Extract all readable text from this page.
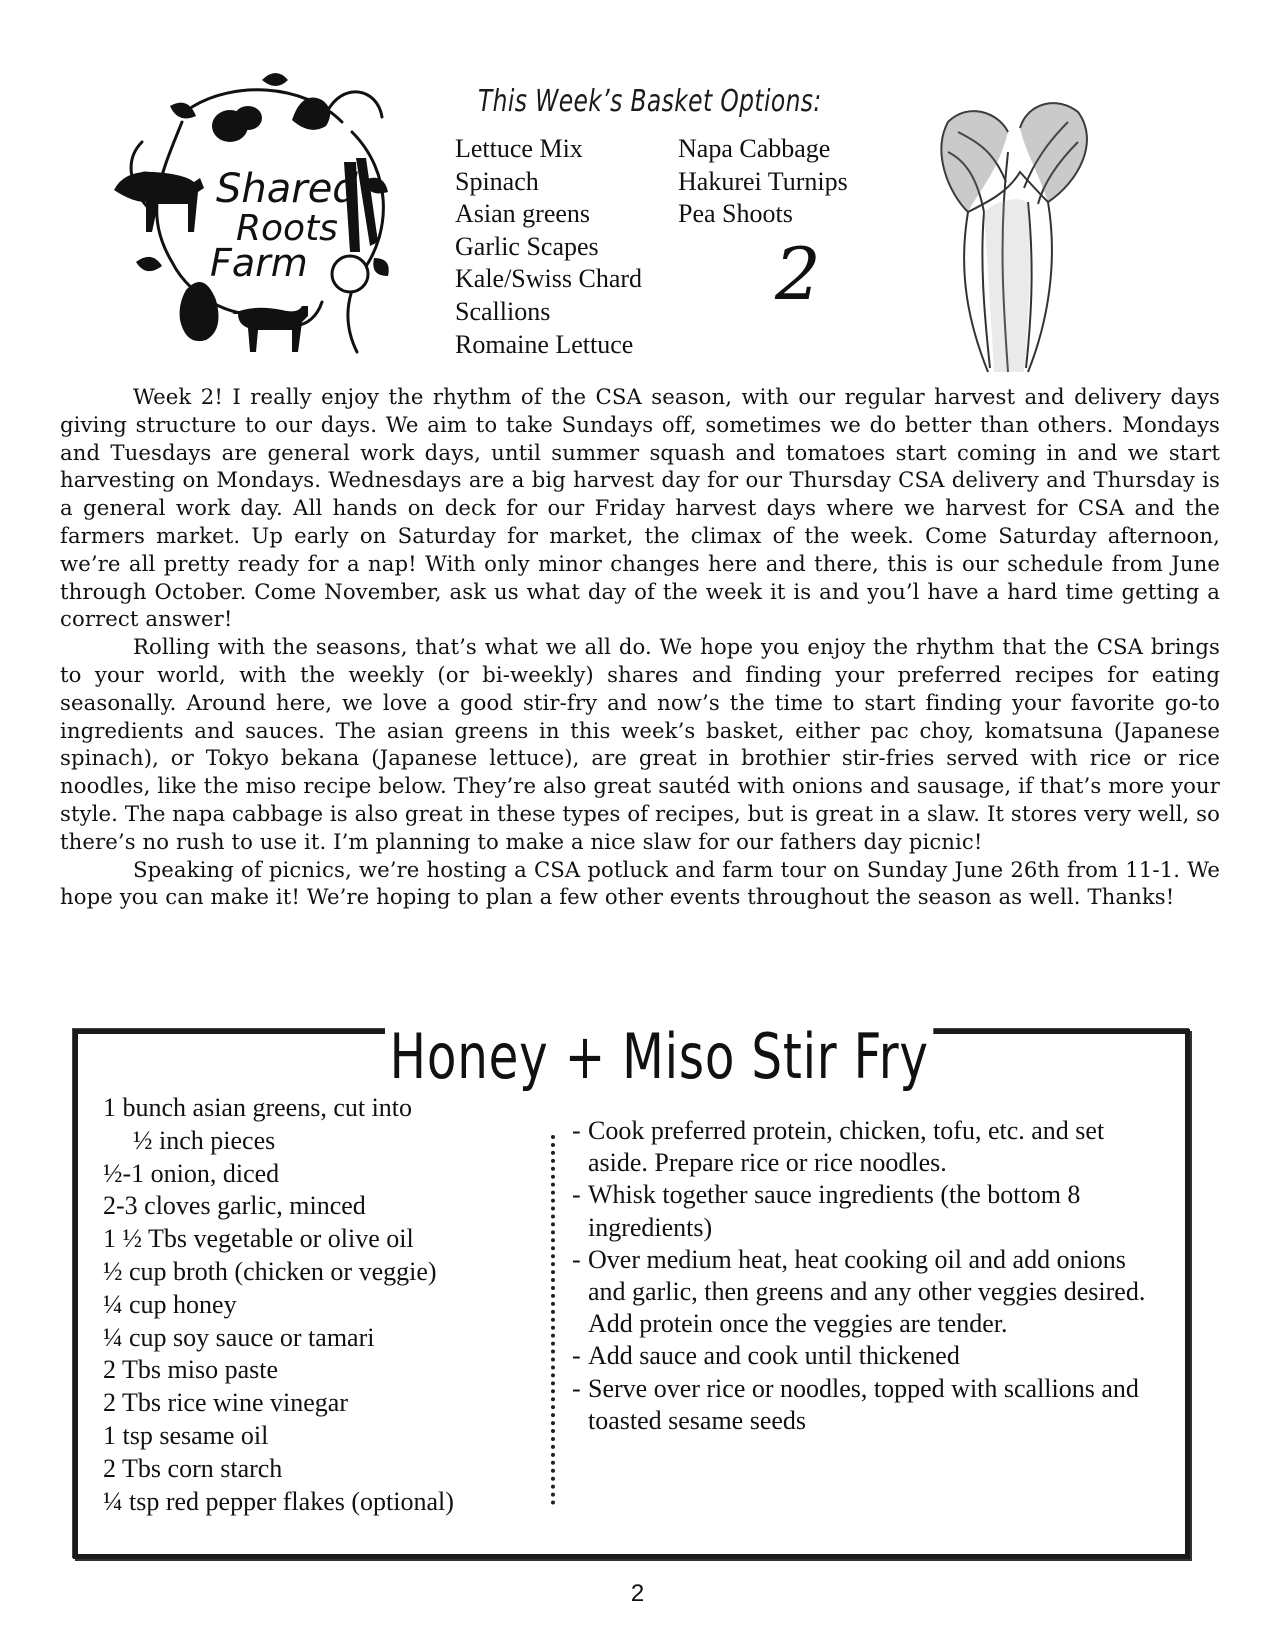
Shared
Roots
Farm
This Week’s Basket Options:
Lettuce Mix
Spinach
Asian greens
Garlic Scapes
Kale/Swiss Chard
Scallions
Romaine Lettuce
Napa Cabbage
Hakurei Turnips
Pea Shoots
2

Week 2! I really enjoy the rhythm of the CSA season, with our regular harvest and delivery days giving structure to our days. We aim to take Sundays off, sometimes we do better than others. Mondays and Tuesdays are general work days, until summer squash and tomatoes start coming in and we start harvesting on Mondays. Wednesdays are a big harvest day for our Thursday CSA delivery and Thursday is a general work day. All hands on deck for our Friday harvest days where we harvest for CSA and the farmers market. Up early on Saturday for market, the climax of the week. Come Saturday afternoon, we’re all pretty ready for a nap! With only minor changes here and there, this is our schedule from June through October. Come November, ask us what day of the week it is and you’l have a hard time getting a correct answer!

Rolling with the seasons, that’s what we all do. We hope you enjoy the rhythm that the CSA brings to your world, with the weekly (or bi-weekly) shares and finding your preferred recipes for eating seasonally. Around here, we love a good stir-fry and now’s the time to start finding your favorite go-to ingredients and sauces. The asian greens in this week’s basket, either pac choy, komatsuna (Japanese spinach), or Tokyo bekana (Japanese lettuce), are great in brothier stir-fries served with rice or rice noodles, like the miso recipe below. They’re also great sautéd with onions and sausage, if that’s more your style. The napa cabbage is also great in these types of recipes, but is great in a slaw. It stores very well, so there’s no rush to use it. I’m planning to make a nice slaw for our fathers day picnic!

Speaking of picnics, we’re hosting a CSA potluck and farm tour on Sunday June 26th from 11-1. We hope you can make it! We’re hoping to plan a few other events throughout the season as well. Thanks!

Honey + Miso Stir Fry
1 bunch asian greens, cut into
½ inch pieces
½-1 onion, diced
2-3 cloves garlic, minced
1 ½ Tbs vegetable or olive oil
½ cup broth (chicken or veggie)
¼ cup honey
¼ cup soy sauce or tamari
2 Tbs miso paste
2 Tbs rice wine vinegar
1 tsp sesame oil
2 Tbs corn starch
¼ tsp red pepper flakes (optional)
- Cook preferred protein, chicken, tofu, etc. and set aside. Prepare rice or rice noodles.
- Whisk together sauce ingredients (the bottom 8 ingredients)
- Over medium heat, heat cooking oil and add onions and garlic, then greens and any other veggies desired. Add protein once the veggies are tender.
- Add sauce and cook until thickened
- Serve over rice or noodles, topped with scallions and toasted sesame seeds
2
